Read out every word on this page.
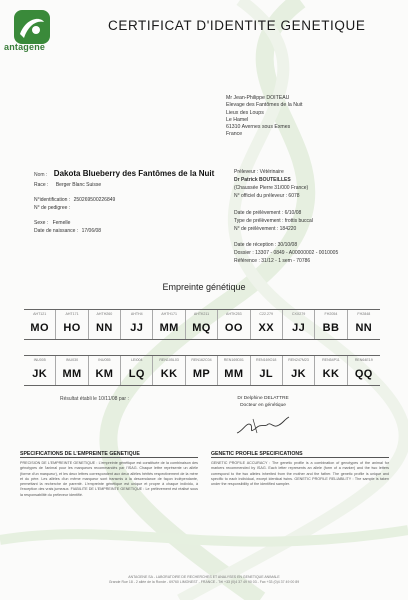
antagene
CERTIFICAT D'IDENTITE GENETIQUE
Mr Jean-Philippe DOITEAU
Elevage des Fantômes de la Nuit
Lieux des Loups
Le Hamel
61310 Avernes sous Exmes
France
Nom : Dakota Blueberry des Fantômes de la Nuit
Race : Berger Blanc Suisse
N°identification : 250269500226849
N° de pedigree :
Sexe : Femelle
Date de naissance : 17/06/08
Préleveur : Vétérinaire
Dr Patrick BOUTEILLES
(Chaussée Pierre 31/000 France)
N° officiel du préleveur : 6078
Date de prélèvement : 6/10/08
Type de prélèvement : frottis buccal
N° de prélèvement : 184220
Date de réception : 30/10/08
Dossier : 13307 - 0849 - A00000002 - 0010005
Référence : 31/12 - 1 sem - 70786
Empreinte génétique
AHT121
MO
AHT171
HO
AHTH260
NN
AHTH4
JJ
AHTH171
MM
AHTK211
MQ
AHTK253
OO
C22.279
XX
CXX279
JJ
FH2054
BB
FH2848
NN
INU005
JK
INU030
MM
INU055
KM
LEI004
LQ
REN105L03
KK
REN162C04
MP
REN169D01
MM
REN169O18
JL
REN247M23
JK
REN54P11
KK
REN64E19
QQ
Résultat établi le 10/11/08 par :	Dr Delphine DELATTRE
Docteur en génétique
SPECIFICATIONS DE L'EMPREINTE GENETIQUE
PRECISION DE L'EMPREINTE GENETIQUE : L'empreinte génétique est constituée de la combinaison des génotypes de l'animal pour les marqueurs recommandés par l'ISAG. Chaque lettre représente un allèle (forme d'un marqueur), et les deux lettres correspondent aux deux allèles hérités respectivement de la mère et du père. Les allèles d'un même marqueur sont transmis à la descendance de façon indépendante, permettant la recherche de parenté. L'empreinte génétique est unique et propre à chaque individu, à l'exception des vrais jumeaux. FIABILITE DE L'EMPREINTE GENETIQUE : Le prélèvement est réalisé sous la responsabilité du préleveur identifié.
GENETIC PROFILE SPECIFICATIONS
GENETIC PROFILE ACCURACY : The genetic profile is a combination of genotypes of the animal for markers recommended by ISAG. Each letter represents an allele (form of a marker) and the two letters correspond to the two alleles inherited from the mother and the father. The genetic profile is unique and specific to each individual, except identical twins. GENETIC PROFILE RELIABILITY : The sample is taken under the responsibility of the identified sampler.
ANTAGENE SA - LABORATOIRE DE RECHERCHES ET ANALYSES EN GENETIQUE ANIMALE
Grande Rue 18 - 2 allée de la Ronde - 69760 LIMONEST - FRANCE - Tél +33 (0)4 37 49 90 03 - Fax +33 (0)4 37 49 00 89
